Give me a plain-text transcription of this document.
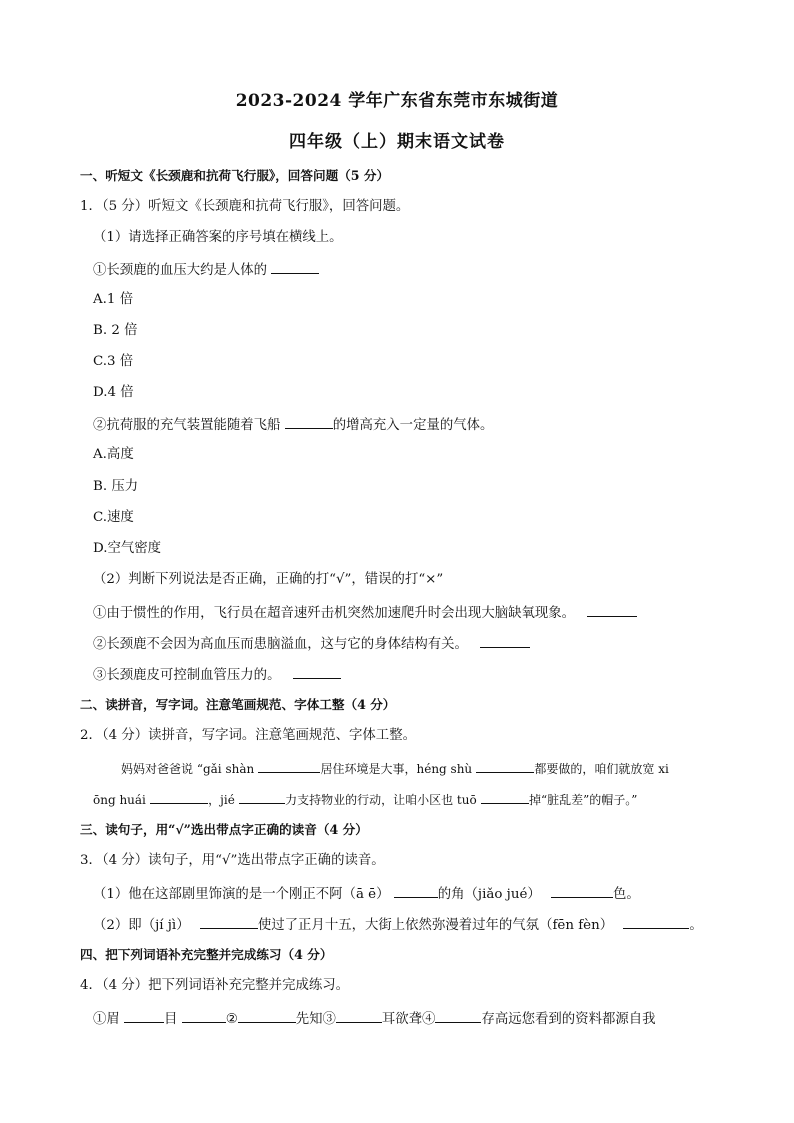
2023-2024 学年广东省东莞市东城街道
四年级（上）期末语文试卷
一、听短文《长颈鹿和抗荷飞行服》，回答问题（5 分）
1．（5 分）听短文《长颈鹿和抗荷飞行服》，回答问题。
（1）请选择正确答案的序号填在横线上。
①长颈鹿的血压大约是人体的
A.1 倍
B. 2 倍
C.3 倍
D.4 倍
②抗荷服的充气装置能随着飞船	的增高充入一定量的气体。
A.高度
B. 压力
C.速度
D.空气密度
（2）判断下列说法是否正确，正确的打“√”，错误的打“×”
①由于惯性的作用，飞行员在超音速歼击机突然加速爬升时会出现大脑缺氧现象。
②长颈鹿不会因为高血压而患脑溢血，这与它的身体结构有关。
③长颈鹿皮可控制血管压力的。
二、读拼音，写字词。注意笔画规范、字体工整（4 分）
2．（4 分）读拼音，写字词。注意笔画规范、字体工整。
妈妈对爸爸说 “gǎi shàn	居住环境是大事，héng shù	都要做的，咱们就放宽 xi
ōng huái	，jié	力支持物业的行动，让咱小区也 tuō	掉“脏乱差”的帽子。”
三、读句子，用“√”选出带点字正确的读音（4 分）
3．（4 分）读句子，用“√”选出带点字正确的读音。
（1）他在这部剧里饰演的是一个刚正不阿（ā ē）	的角（jiǎo jué）	色。
（2）即（jí jì）	使过了正月十五，大街上依然弥漫着过年的气氛（fēn fèn）	。
四、把下列词语补充完整并完成练习（4 分）
4．（4 分）把下列词语补充完整并完成练习。
①眉	目	②	先知③	耳欲聋④	存高远您看到的资料都源自我
